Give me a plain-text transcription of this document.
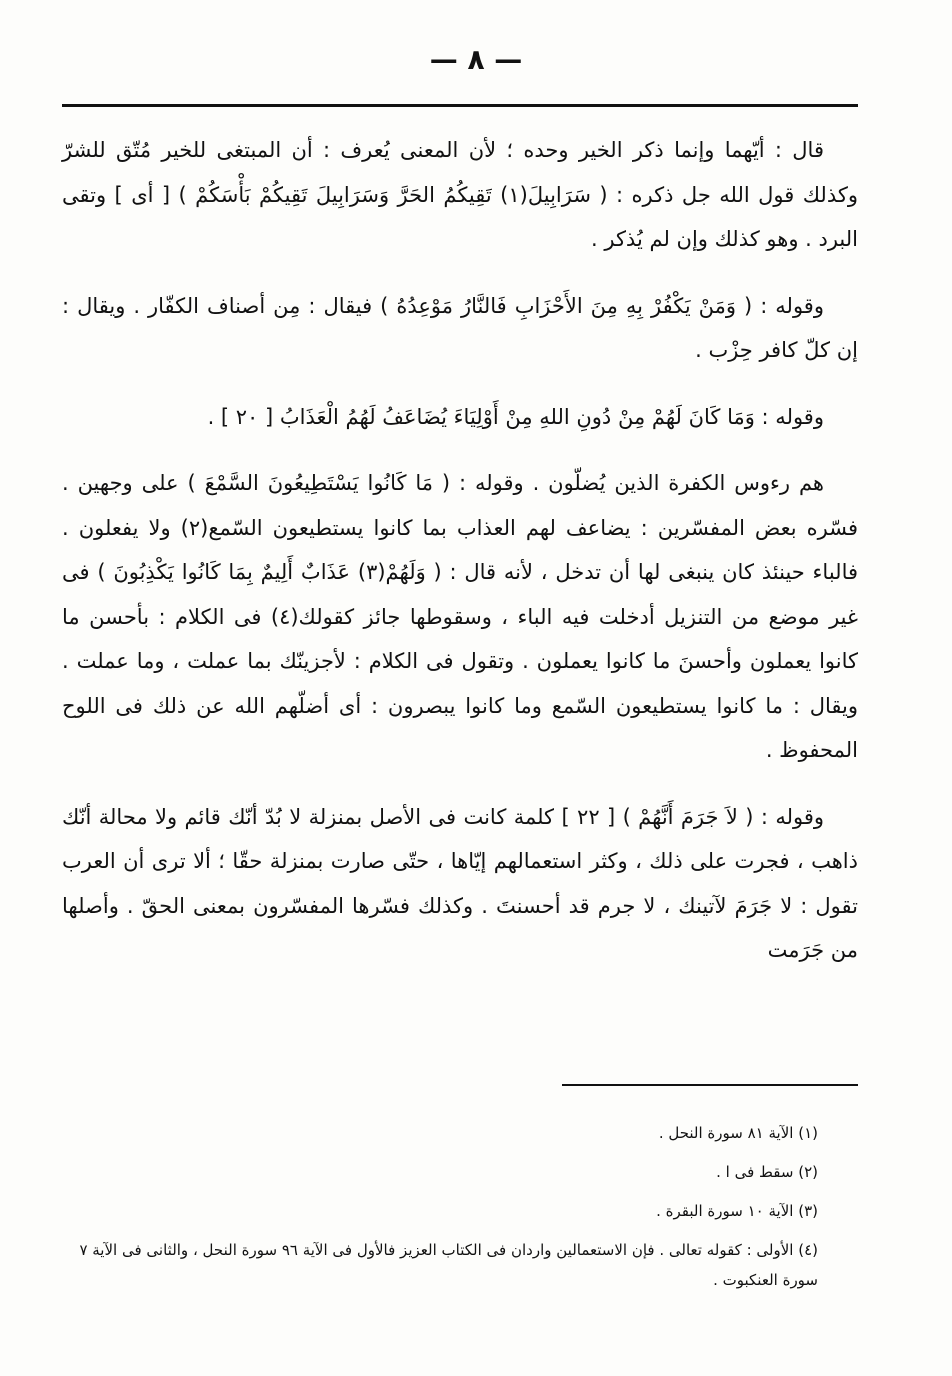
— ٨ —

قال : أيّهما وإنما ذكر الخير وحده ؛ لأن المعنى يُعرف : أن المبتغى للخير مُتّق للشرّ وكذلك قول الله جل ذكره : ( سَرَابِيلَ(١) تَقِيكُمُ الحَرَّ وَسَرَابِيلَ تَقِيكُمْ بَأْسَكُمْ ) [ أى ] وتقى البرد . وهو كذلك وإن لم يُذكر .

وقوله : ( وَمَنْ يَكْفُرْ بِهِ مِنَ الأَحْزَابِ فَالنَّارُ مَوْعِدُهُ ) فيقال : مِن أصناف الكفّار . ويقال : إن كلّ كافر حِزْب .

وقوله : وَمَا كَانَ لَهُمْ مِنْ دُونِ اللهِ مِنْ أَوْلِيَاءَ يُضَاعَفُ لَهُمُ الْعَذَابُ [ ٢٠ ] .

هم رءوس الكفرة الذين يُضلّون . وقوله : ( مَا كَانُوا يَسْتَطِيعُونَ السَّمْعَ ) على وجهين . فسّره بعض المفسّرين : يضاعف لهم العذاب بما كانوا يستطيعون السّمع(٢) ولا يفعلون . فالباء حينئذ كان ينبغى لها أن تدخل ، لأنه قال : ( وَلَهُمْ(٣) عَذَابٌ أَلِيمٌ بِمَا كَانُوا يَكْذِبُونَ ) فى غير موضع من التنزيل أدخلت فيه الباء ، وسقوطها جائز كقولك(٤) فى الكلام : بأحسن ما كانوا يعملون وأحسنَ ما كانوا يعملون . وتقول فى الكلام : لأجزينّك بما عملت ، وما عملت . ويقال : ما كانوا يستطيعون السّمع وما كانوا يبصرون : أى أضلّهم الله عن ذلك فى اللوح المحفوظ .

وقوله : ( لاَ جَرَمَ أَنَّهُمْ ) [ ٢٢ ] كلمة كانت فى الأصل بمنزلة لا بُدّ أنّك قائم ولا محالة أنّك ذاهب ، فجرت على ذلك ، وكثر استعمالهم إيّاها ، حتّى صارت بمنزلة حقّا ؛ ألا ترى أن العرب تقول : لا جَرَمَ لآتينك ، لا جرم قد أحسنتَ . وكذلك فسّرها المفسّرون بمعنى الحقّ . وأصلها من جَرَمت

(١) الآية ٨١ سورة النحل .
(٢) سقط فى ا .
(٣) الآية ١٠ سورة البقرة .
(٤) الأولى : كقوله تعالى . فإن الاستعمالين واردان فى الكتاب العزيز فالأول فى الآية ٩٦ سورة النحل ، والثانى فى الآية ٧ سورة العنكبوت .
